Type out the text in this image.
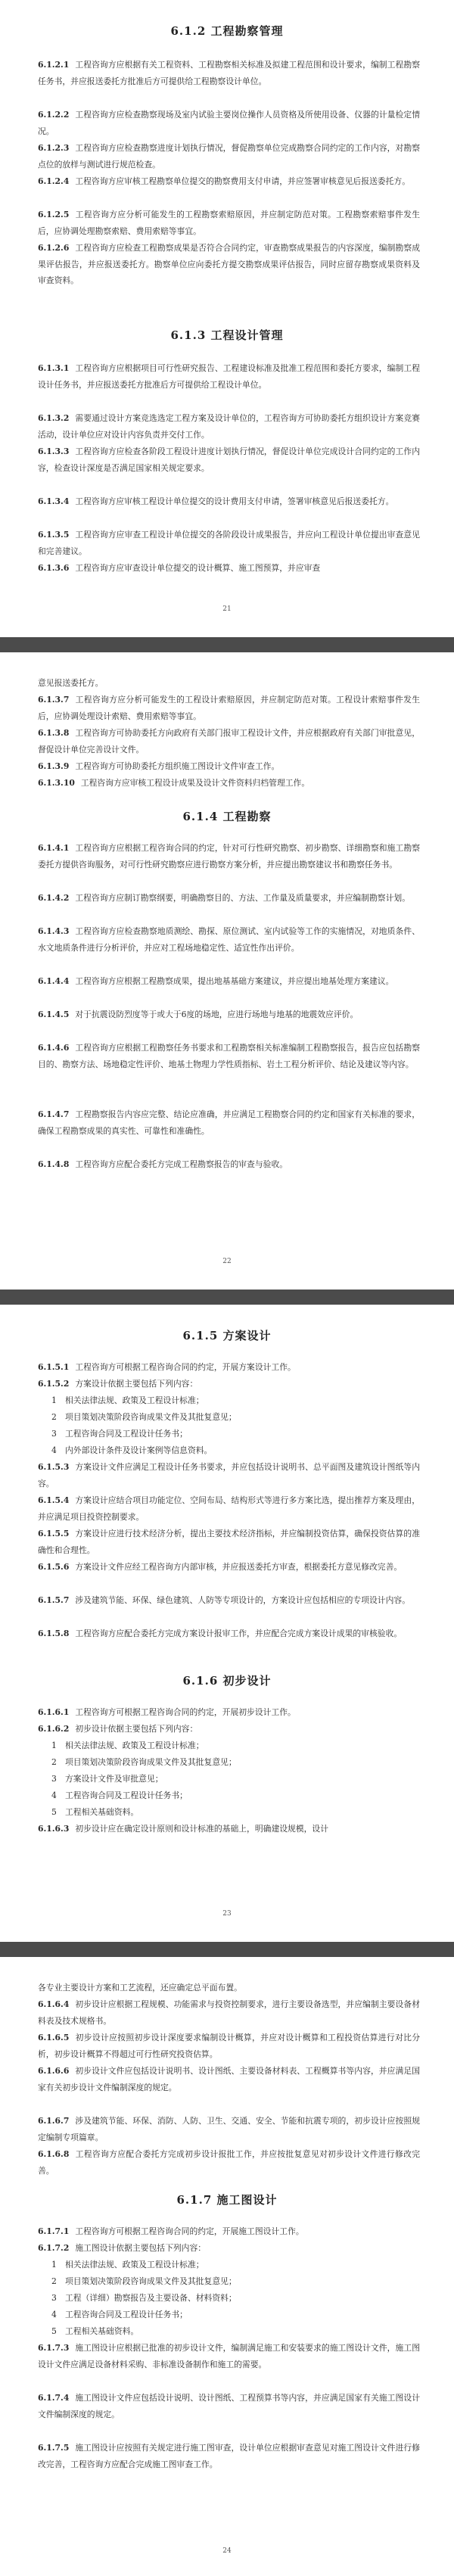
6.1.2 工程勘察管理
6.1.2.1 工程咨询方应根据有关工程资料、工程勘察相关标准及拟建工程范围和设计要求，编制工程勘察任务书，并应报送委托方批准后方可提供给工程勘察设计单位。
6.1.2.2 工程咨询方应检查勘察现场及室内试验主要岗位操作人员资格及所使用设备、仪器的计量检定情况。
6.1.2.3 工程咨询方应检查勘察进度计划执行情况，督促勘察单位完成勘察合同约定的工作内容，对勘察点位的放样与测试进行规范检查。
6.1.2.4 工程咨询方应审核工程勘察单位提交的勘察费用支付申请，并应签署审核意见后报送委托方。
6.1.2.5 工程咨询方应分析可能发生的工程勘察索赔原因，并应制定防范对策。工程勘察索赔事件发生后，应协调处理勘察索赔、费用索赔等事宜。
6.1.2.6 工程咨询方应检查工程勘察成果是否符合合同约定，审查勘察成果报告的内容深度，编制勘察成果评估报告，并应报送委托方。勘察单位应向委托方提交勘察成果评估报告，同时应留存勘察成果资料及审查资料。
6.1.3 工程设计管理
6.1.3.1 工程咨询方应根据项目可行性研究报告、工程建设标准及批准工程范围和委托方要求，编制工程设计任务书，并应报送委托方批准后方可提供给工程设计单位。
6.1.3.2 需要通过设计方案竞选选定工程方案及设计单位的，工程咨询方可协助委托方组织设计方案竞赛活动，设计单位应对设计内容负责并交付工作。
6.1.3.3 工程咨询方应检查各阶段工程设计进度计划执行情况，督促设计单位完成设计合同约定的工作内容，检查设计深度是否满足国家相关规定要求。
6.1.3.4 工程咨询方应审核工程设计单位提交的设计费用支付申请，签署审核意见后报送委托方。
6.1.3.5 工程咨询方应审查工程设计单位提交的各阶段设计成果报告，并应向工程设计单位提出审查意见和完善建议。
6.1.3.6 工程咨询方应审查设计单位提交的设计概算、施工图预算，并应审查
21
意见报送委托方。
6.1.3.7 工程咨询方应分析可能发生的工程设计索赔原因，并应制定防范对策。工程设计索赔事件发生后，应协调处理设计索赔、费用索赔等事宜。
6.1.3.8 工程咨询方可协助委托方向政府有关部门报审工程设计文件，并应根据政府有关部门审批意见，督促设计单位完善设计文件。
6.1.3.9 工程咨询方可协助委托方组织施工图设计文件审查工作。
6.1.3.10 工程咨询方应审核工程设计成果及设计文件资料归档管理工作。
6.1.4 工程勘察
6.1.4.1 工程咨询方应根据工程咨询合同的约定，针对可行性研究勘察、初步勘察、详细勘察和施工勘察委托方提供咨询服务，对可行性研究勘察应进行勘察方案分析，并应提出勘察建议书和勘察任务书。
6.1.4.2 工程咨询方应制订勘察纲要，明确勘察目的、方法、工作量及质量要求，并应编制勘察计划。
6.1.4.3 工程咨询方应检查勘察地质测绘、勘探、原位测试、室内试验等工作的实施情况，对地质条件、水文地质条件进行分析评价，并应对工程场地稳定性、适宜性作出评价。
6.1.4.4 工程咨询方应根据工程勘察成果，提出地基基础方案建议，并应提出地基处理方案建议。
6.1.4.5 对于抗震设防烈度等于或大于6度的场地，应进行场地与地基的地震效应评价。
6.1.4.6 工程咨询方应根据工程勘察任务书要求和工程勘察相关标准编制工程勘察报告，报告应包括勘察目的、勘察方法、场地稳定性评价、地基土物理力学性质指标、岩土工程分析评价、结论及建议等内容。
6.1.4.7 工程勘察报告内容应完整、结论应准确，并应满足工程勘察合同的约定和国家有关标准的要求，确保工程勘察成果的真实性、可靠性和准确性。
6.1.4.8 工程咨询方应配合委托方完成工程勘察报告的审查与验收。
22
6.1.5 方案设计
6.1.5.1 工程咨询方可根据工程咨询合同的约定，开展方案设计工作。
6.1.5.2 方案设计依据主要包括下列内容：
1 相关法律法规、政策及工程设计标准；
2 项目策划决策阶段咨询成果文件及其批复意见；
3 工程咨询合同及工程设计任务书；
4 内外部设计条件及设计案例等信息资料。
6.1.5.3 方案设计文件应满足工程设计任务书要求，并应包括设计说明书、总平面图及建筑设计图纸等内容。
6.1.5.4 方案设计应结合项目功能定位、空间布局、结构形式等进行多方案比选，提出推荐方案及理由，并应满足项目投资控制要求。
6.1.5.5 方案设计应进行技术经济分析，提出主要技术经济指标，并应编制投资估算，确保投资估算的准确性和合理性。
6.1.5.6 方案设计文件应经工程咨询方内部审核，并应报送委托方审查，根据委托方意见修改完善。
6.1.5.7 涉及建筑节能、环保、绿色建筑、人防等专项设计的，方案设计应包括相应的专项设计内容。
6.1.5.8 工程咨询方应配合委托方完成方案设计报审工作，并应配合完成方案设计成果的审核验收。
6.1.6 初步设计
6.1.6.1 工程咨询方可根据工程咨询合同的约定，开展初步设计工作。
6.1.6.2 初步设计依据主要包括下列内容：
1 相关法律法规、政策及工程设计标准；
2 项目策划决策阶段咨询成果文件及其批复意见；
3 方案设计文件及审批意见；
4 工程咨询合同及工程设计任务书；
5 工程相关基础资料。
6.1.6.3 初步设计应在确定设计原则和设计标准的基础上，明确建设规模，设计
23
各专业主要设计方案和工艺流程，还应确定总平面布置。
6.1.6.4 初步设计应根据工程规模、功能需求与投资控制要求，进行主要设备选型，并应编制主要设备材料表及技术规格书。
6.1.6.5 初步设计应按照初步设计深度要求编制设计概算，并应对设计概算和工程投资估算进行对比分析，初步设计概算不得超过可行性研究投资估算。
6.1.6.6 初步设计文件应包括设计说明书、设计图纸、主要设备材料表、工程概算书等内容，并应满足国家有关初步设计文件编制深度的规定。
6.1.6.7 涉及建筑节能、环保、消防、人防、卫生、交通、安全、节能和抗震专项的，初步设计应按照规定编制专项篇章。
6.1.6.8 工程咨询方应配合委托方完成初步设计报批工作，并应按批复意见对初步设计文件进行修改完善。
6.1.7 施工图设计
6.1.7.1 工程咨询方可根据工程咨询合同的约定，开展施工图设计工作。
6.1.7.2 施工图设计依据主要包括下列内容：
1 相关法律法规、政策及工程设计标准；
2 项目策划决策阶段咨询成果文件及其批复意见；
3 工程（详细）勘察报告及主要设备、材料资料；
4 工程咨询合同及工程设计任务书；
5 工程相关基础资料。
6.1.7.3 施工图设计应根据已批准的初步设计文件，编制满足施工和安装要求的施工图设计文件，施工图设计文件应满足设备材料采购、非标准设备制作和施工的需要。
6.1.7.4 施工图设计文件应包括设计说明、设计图纸、工程预算书等内容，并应满足国家有关施工图设计文件编制深度的规定。
6.1.7.5 施工图设计应按照有关规定进行施工图审查，设计单位应根据审查意见对施工图设计文件进行修改完善，工程咨询方应配合完成施工图审查工作。
24
